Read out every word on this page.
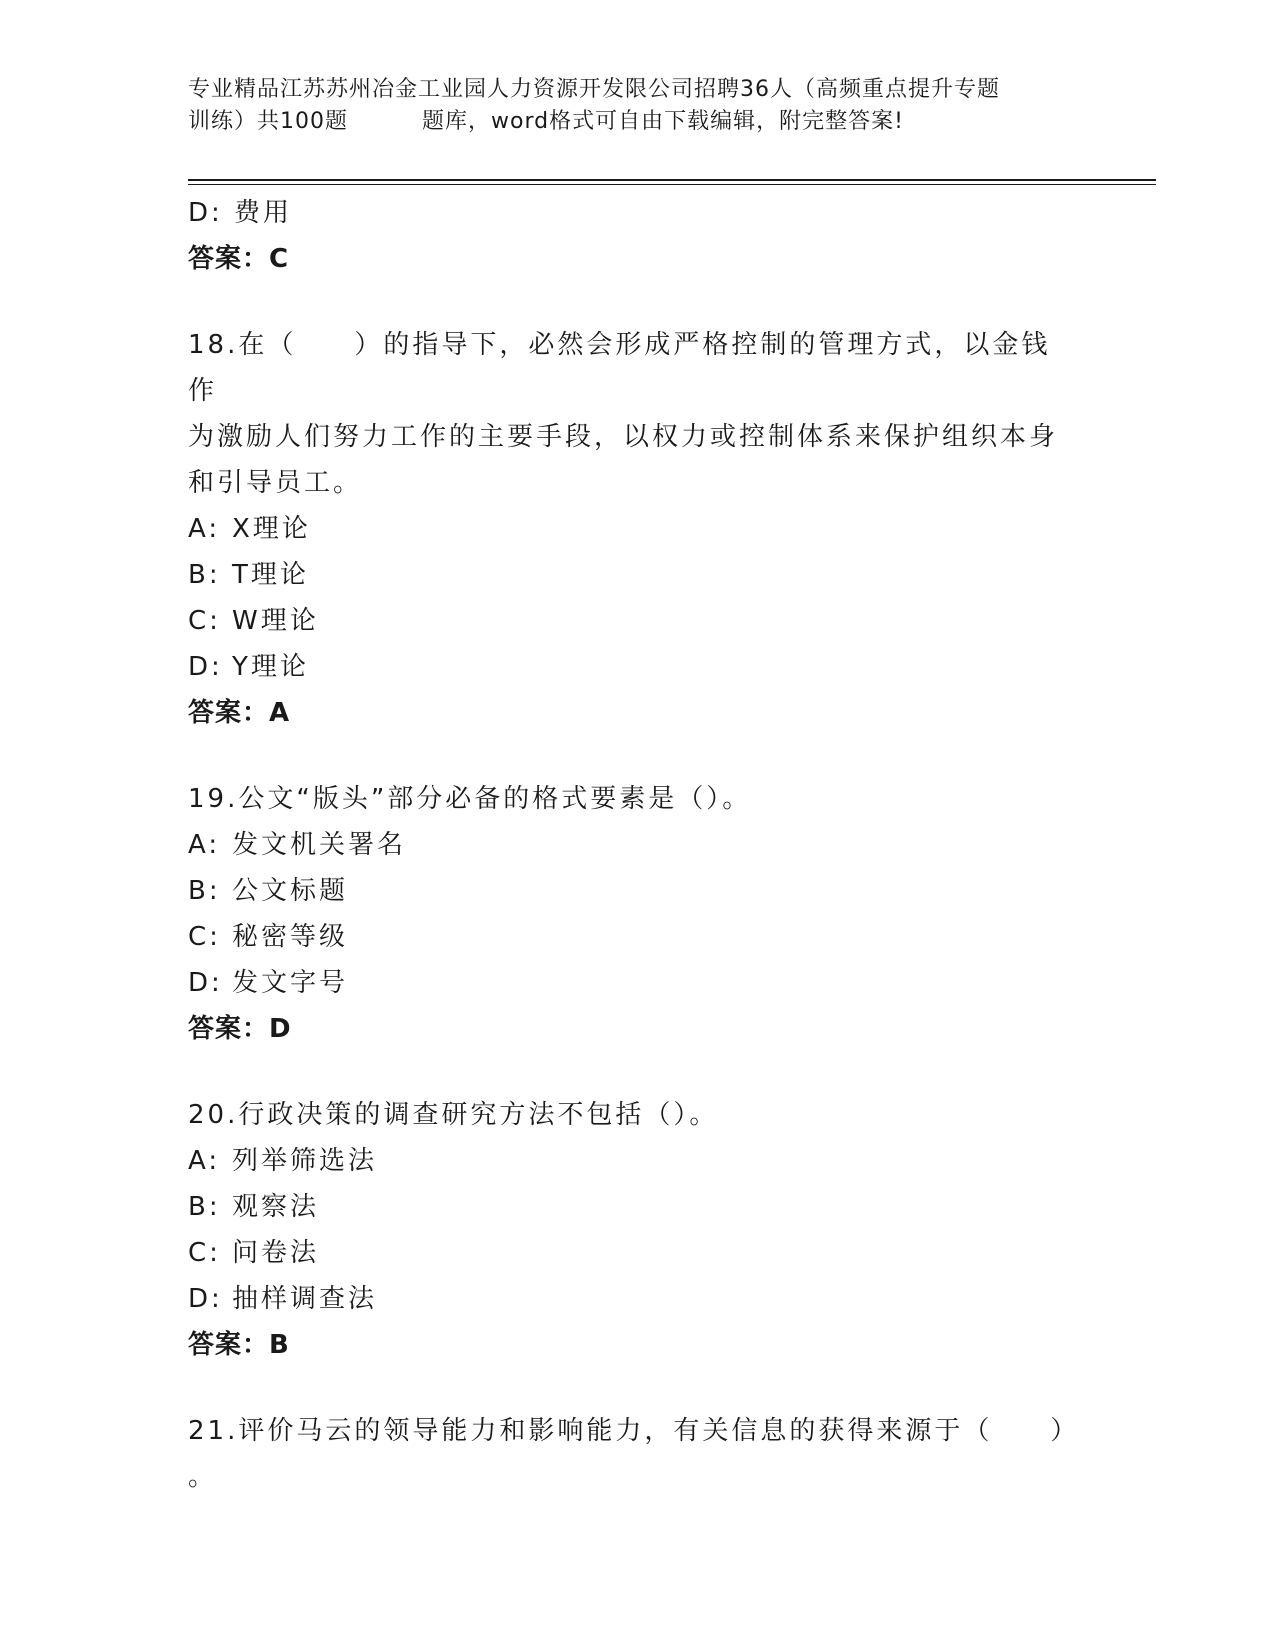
专业精品江苏苏州冶金工业园人力资源开发限公司招聘36人（高频重点提升专题
训练）共100题	题库，word格式可自由下载编辑，附完整答案!
D: 费用
答案：C
18.在（　　）的指导下，必然会形成严格控制的管理方式，以金钱作
为激励人们努力工作的主要手段，以权力或控制体系来保护组织本身
和引导员工。
A: X理论
B: T理论
C: W理论
D: Y理论
答案：A
19.公文“版头”部分必备的格式要素是（）。
A: 发文机关署名
B: 公文标题
C: 秘密等级
D: 发文字号
答案：D
20.行政决策的调查研究方法不包括（）。
A: 列举筛选法
B: 观察法
C: 问卷法
D: 抽样调查法
答案：B
21.评价马云的领导能力和影响能力，有关信息的获得来源于（　　）
。
